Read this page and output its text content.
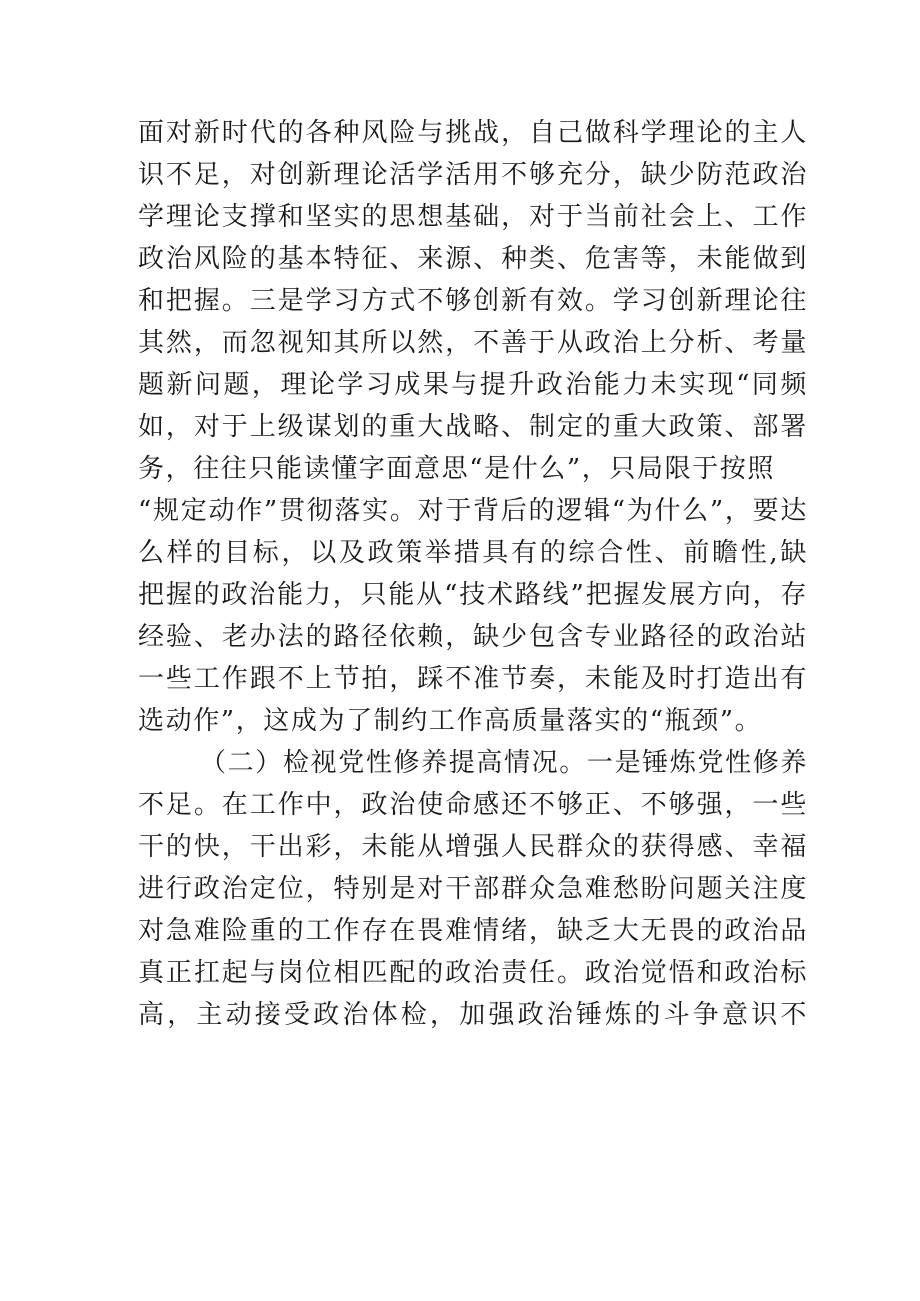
面对新时代的各种风险与挑战，自己做科学理论的主人
识不足，对创新理论活学活用不够充分，缺少防范政治
学理论支撑和坚实的思想基础，对于当前社会上、工作
政治风险的基本特征、来源、种类、危害等，未能做到
和把握。三是学习方式不够创新有效。学习创新理论往
其然，而忽视知其所以然，不善于从政治上分析、考量
题新问题，理论学习成果与提升政治能力未实现“同频
如，对于上级谋划的重大战略、制定的重大政策、部署
务，往往只能读懂字面意思“是什么”，只局限于按照
“规定动作”贯彻落实。对于背后的逻辑“为什么”，要达
么样的目标，以及政策举措具有的综合性、前瞻性,缺
把握的政治能力，只能从“技术路线”把握发展方向，存
经验、老办法的路径依赖，缺少包含专业路径的政治站
一些工作跟不上节拍，踩不准节奏，未能及时打造出有
选动作”，这成为了制约工作高质量落实的“瓶颈”。
（二）检视党性修养提高情况。一是锤炼党性修养
不足。在工作中，政治使命感还不够正、不够强，一些
干的快，干出彩，未能从增强人民群众的获得感、幸福
进行政治定位，特别是对干部群众急难愁盼问题关注度
对急难险重的工作存在畏难情绪，缺乏大无畏的政治品
真正扛起与岗位相匹配的政治责任。政治觉悟和政治标
高，主动接受政治体检，加强政治锤炼的斗争意识不
